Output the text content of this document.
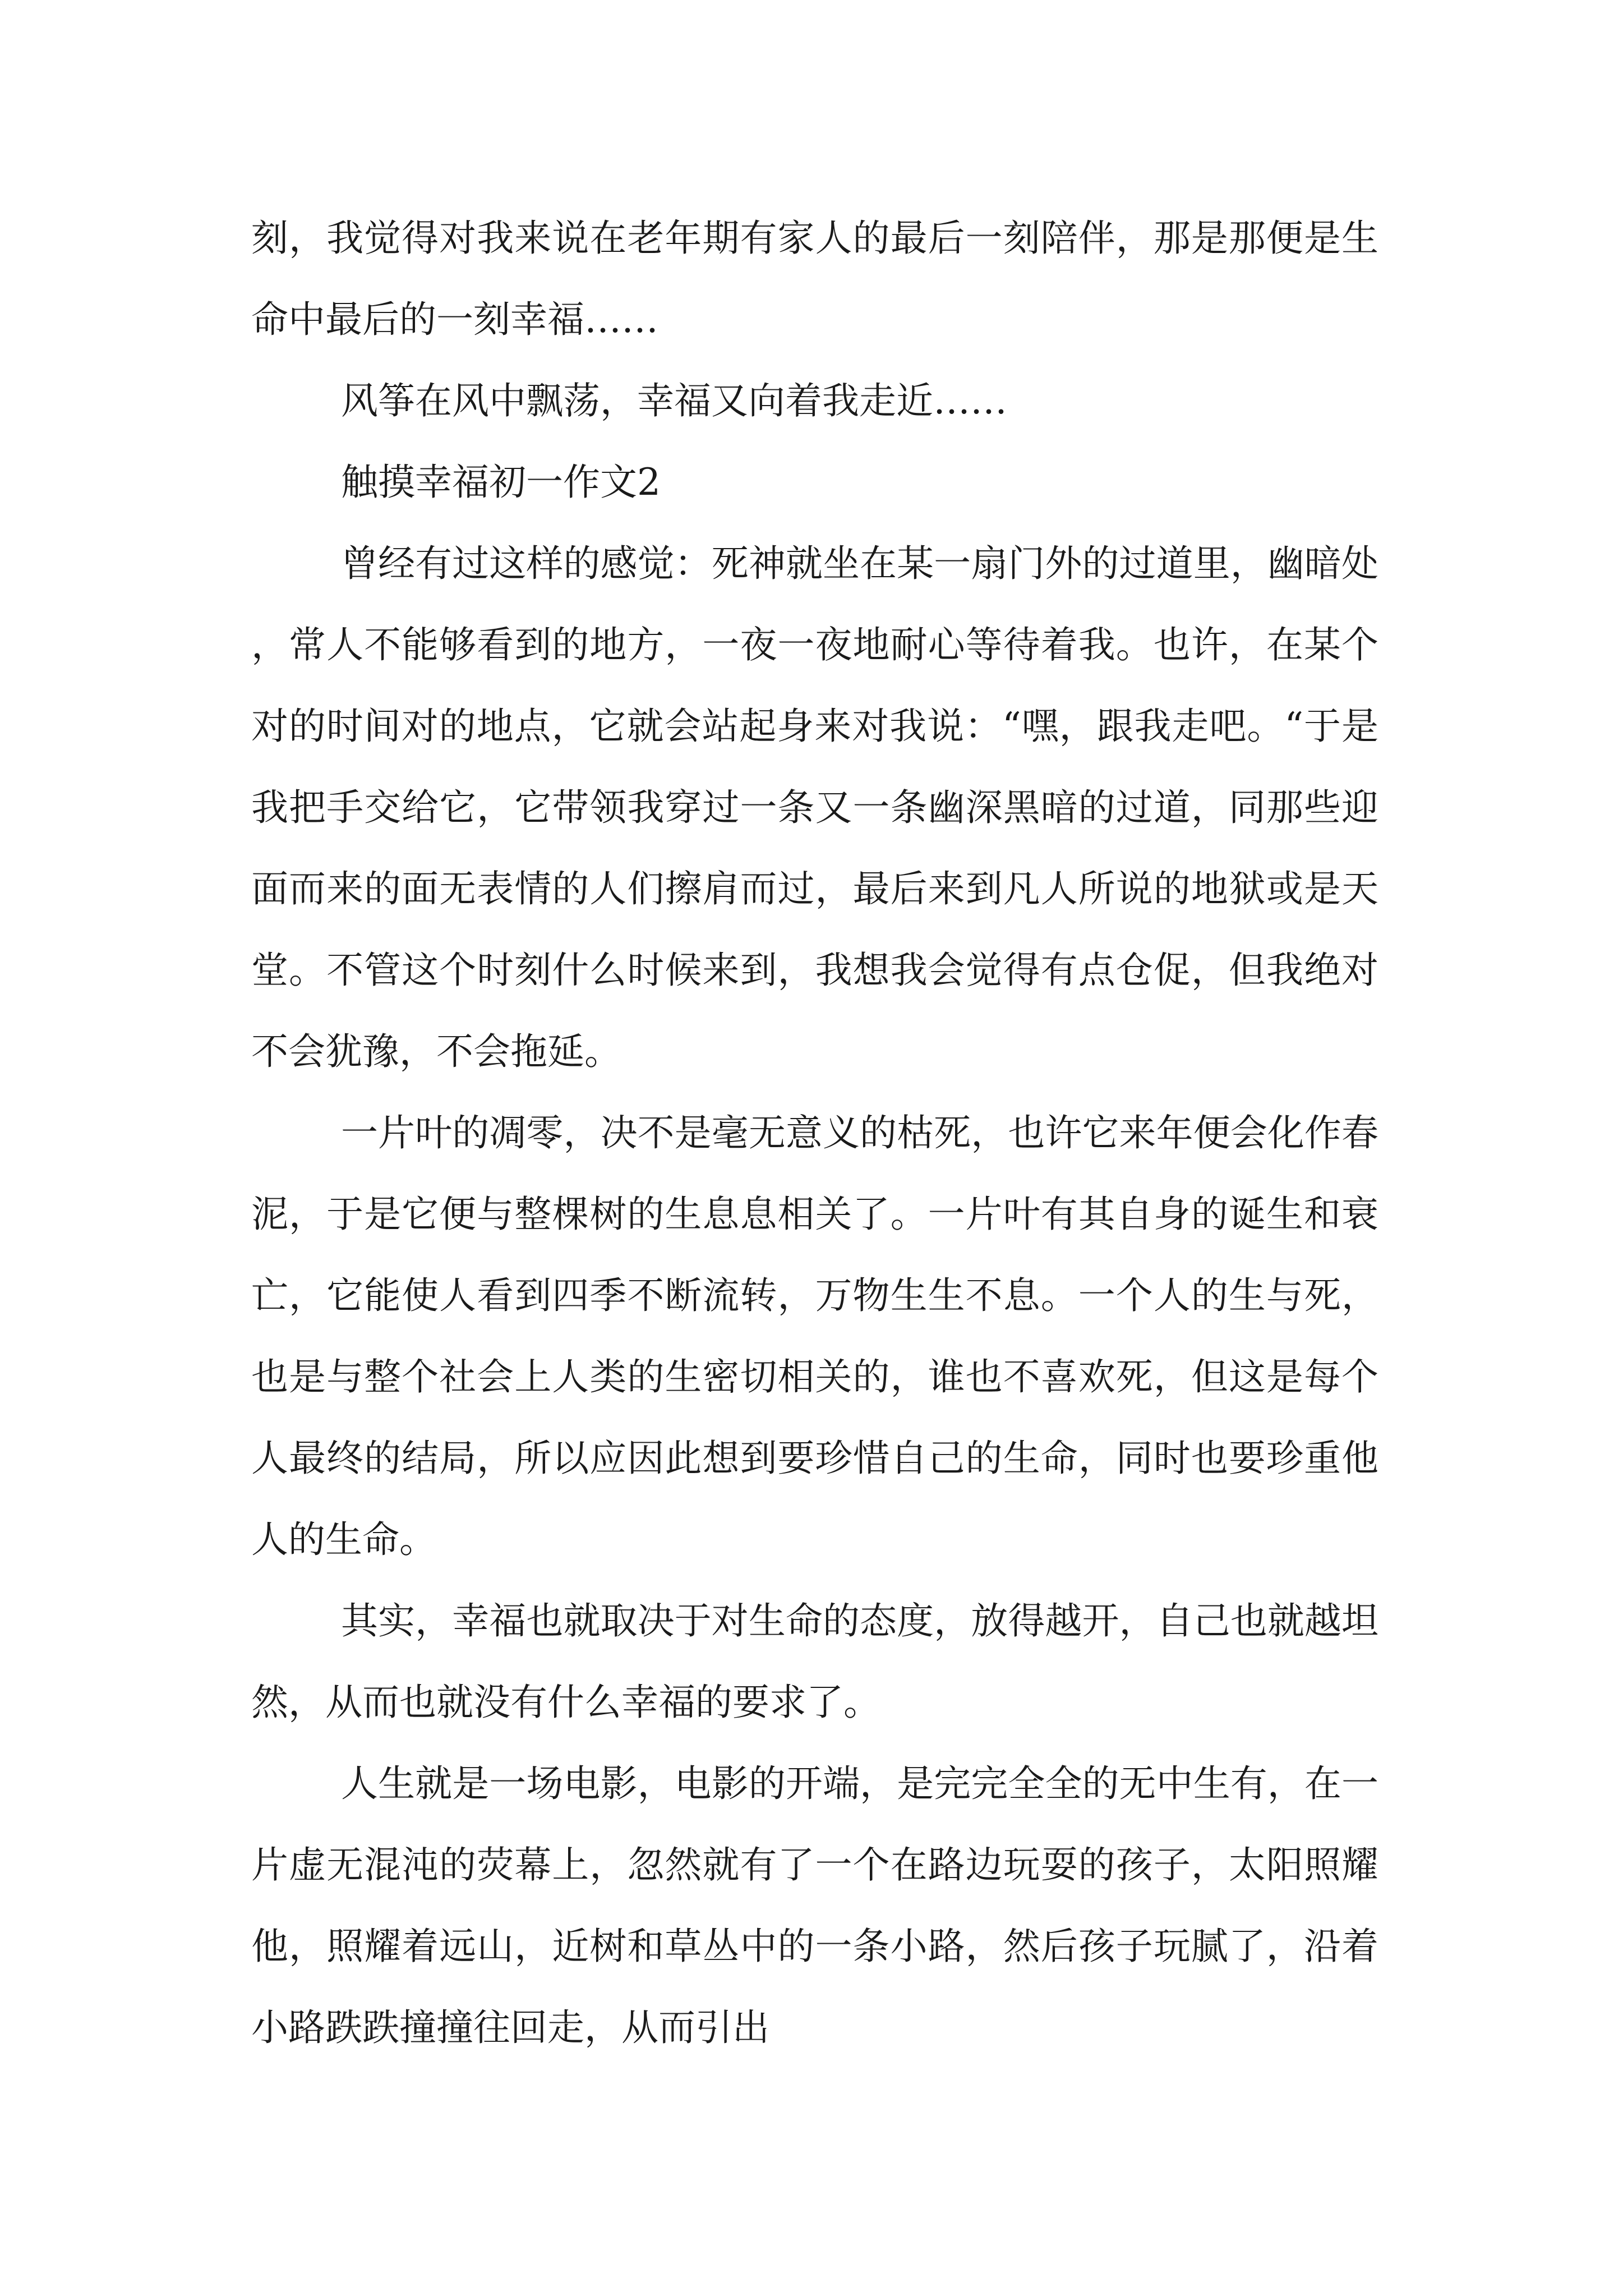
刻，我觉得对我来说在老年期有家人的最后一刻陪伴，那是那便是生命中最后的一刻幸福……

风筝在风中飘荡，幸福又向着我走近……

触摸幸福初一作文2

曾经有过这样的感觉：死神就坐在某一扇门外的过道里，幽暗处，常人不能够看到的地方，一夜一夜地耐心等待着我。也许，在某个对的时间对的地点，它就会站起身来对我说：“嘿，跟我走吧。“于是我把手交给它，它带领我穿过一条又一条幽深黑暗的过道，同那些迎面而来的面无表情的人们擦肩而过，最后来到凡人所说的地狱或是天堂。不管这个时刻什么时候来到，我想我会觉得有点仓促，但我绝对不会犹豫，不会拖延。

一片叶的凋零，决不是毫无意义的枯死，也许它来年便会化作春泥，于是它便与整棵树的生息息相关了。一片叶有其自身的诞生和衰亡，它能使人看到四季不断流转，万物生生不息。一个人的生与死，也是与整个社会上人类的生密切相关的，谁也不喜欢死，但这是每个人最终的结局，所以应因此想到要珍惜自己的生命，同时也要珍重他人的生命。

其实，幸福也就取决于对生命的态度，放得越开，自己也就越坦然，从而也就没有什么幸福的要求了。

人生就是一场电影，电影的开端，是完完全全的无中生有，在一片虚无混沌的荧幕上，忽然就有了一个在路边玩耍的孩子，太阳照耀他，照耀着远山，近树和草丛中的一条小路，然后孩子玩腻了，沿着小路跌跌撞撞往回走，从而引出
